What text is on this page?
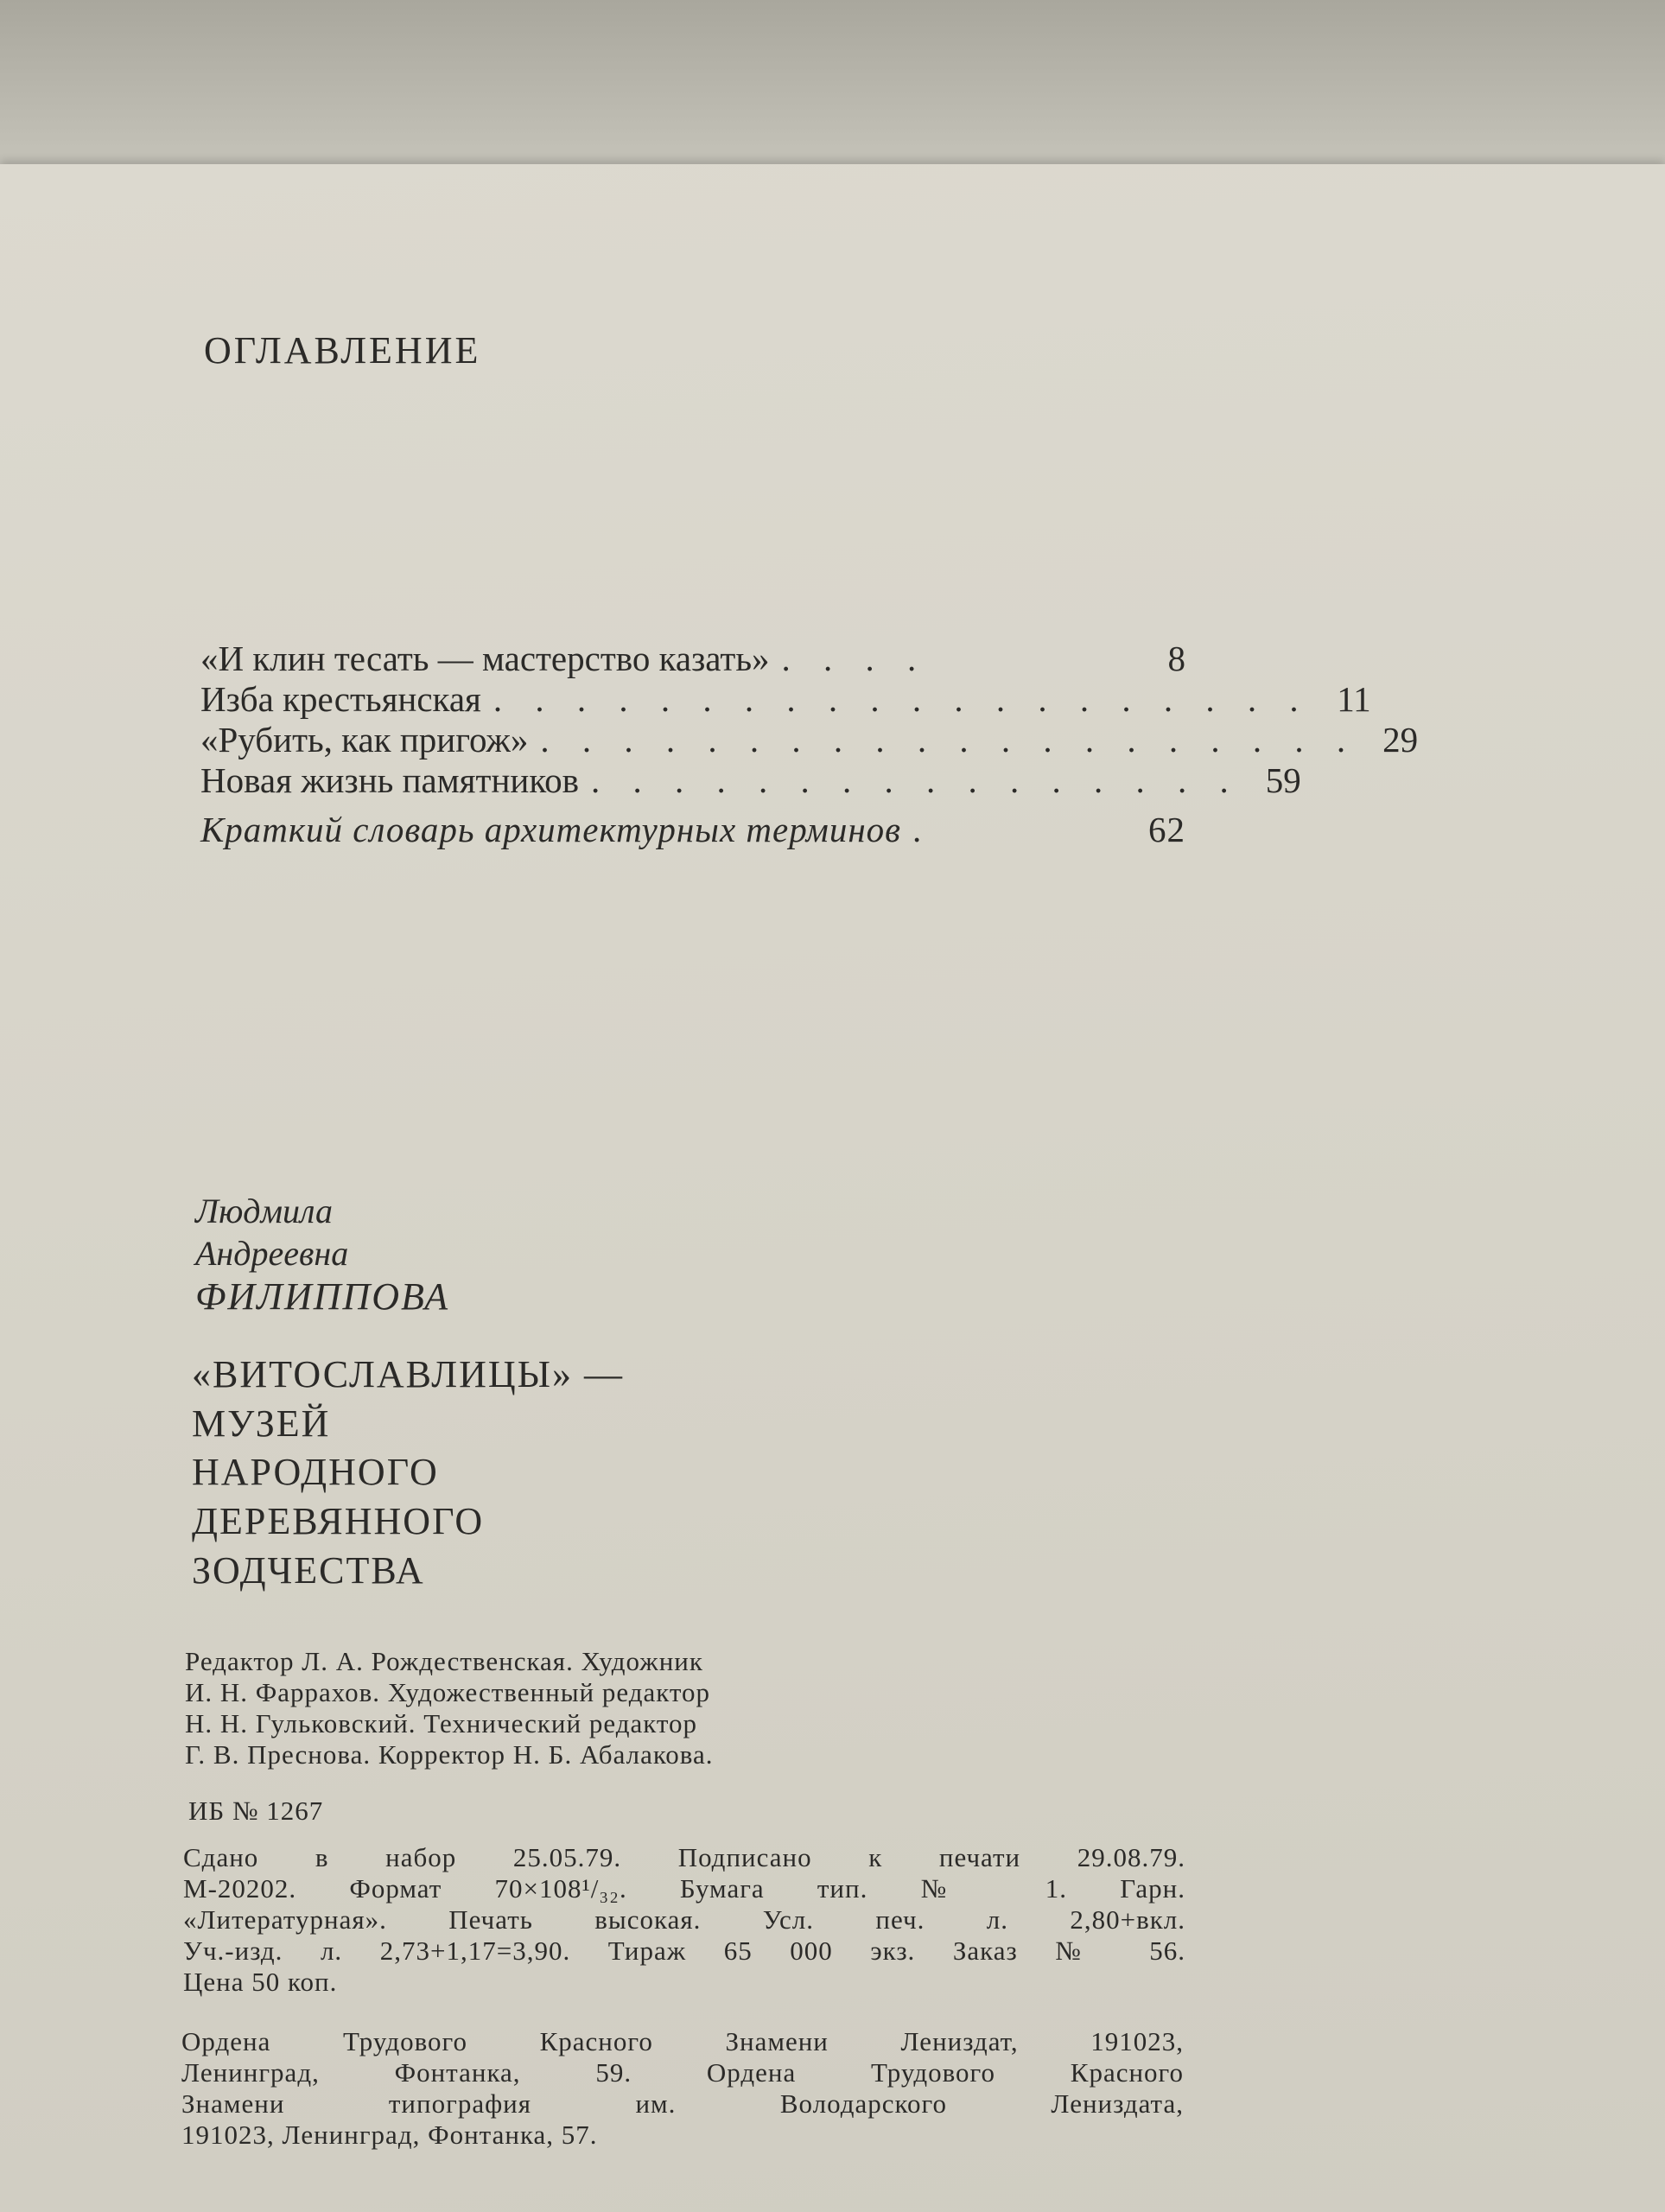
ОГЛАВЛЕНИЕ
«И клин тесать — мастерство казать» . . . .	8
Изба крестьянская . . . . . . . . . . . . . . . . . . . . 11
«Рубить, как пригож» . . . . . . . . . . . . . . . . . . . . 29
Новая жизнь памятников . . . . . . . . . . . . . . . . 59
Краткий словарь архитектурных терминов .	62
Людмила
Андреевна
ФИЛИППОВА
«ВИТОСЛАВЛИЦЫ» —
МУЗЕЙ
НАРОДНОГО
ДЕРЕВЯННОГО
ЗОДЧЕСТВА
Редактор Л. А. Рождественская. Художник
И. Н. Фаррахов. Художественный редактор
Н. Н. Гульковский. Технический редактор
Г. В. Преснова. Корректор Н. Б. Абалакова.
ИБ № 1267
Сдано в набор 25.05.79. Подписано к печати 29.08.79.
М-20202. Формат 70×108¹/₃₂. Бумага тип. № 1. Гарн.
«Литературная». Печать высокая. Усл. печ. л. 2,80+вкл.
Уч.-изд. л. 2,73+1,17=3,90. Тираж 65 000 экз. Заказ № 56.
Цена 50 коп.
Ордена Трудового Красного Знамени Лениздат, 191023,
Ленинград, Фонтанка, 59. Ордена Трудового Красного
Знамени типография им. Володарского Лениздата,
191023, Ленинград, Фонтанка, 57.
